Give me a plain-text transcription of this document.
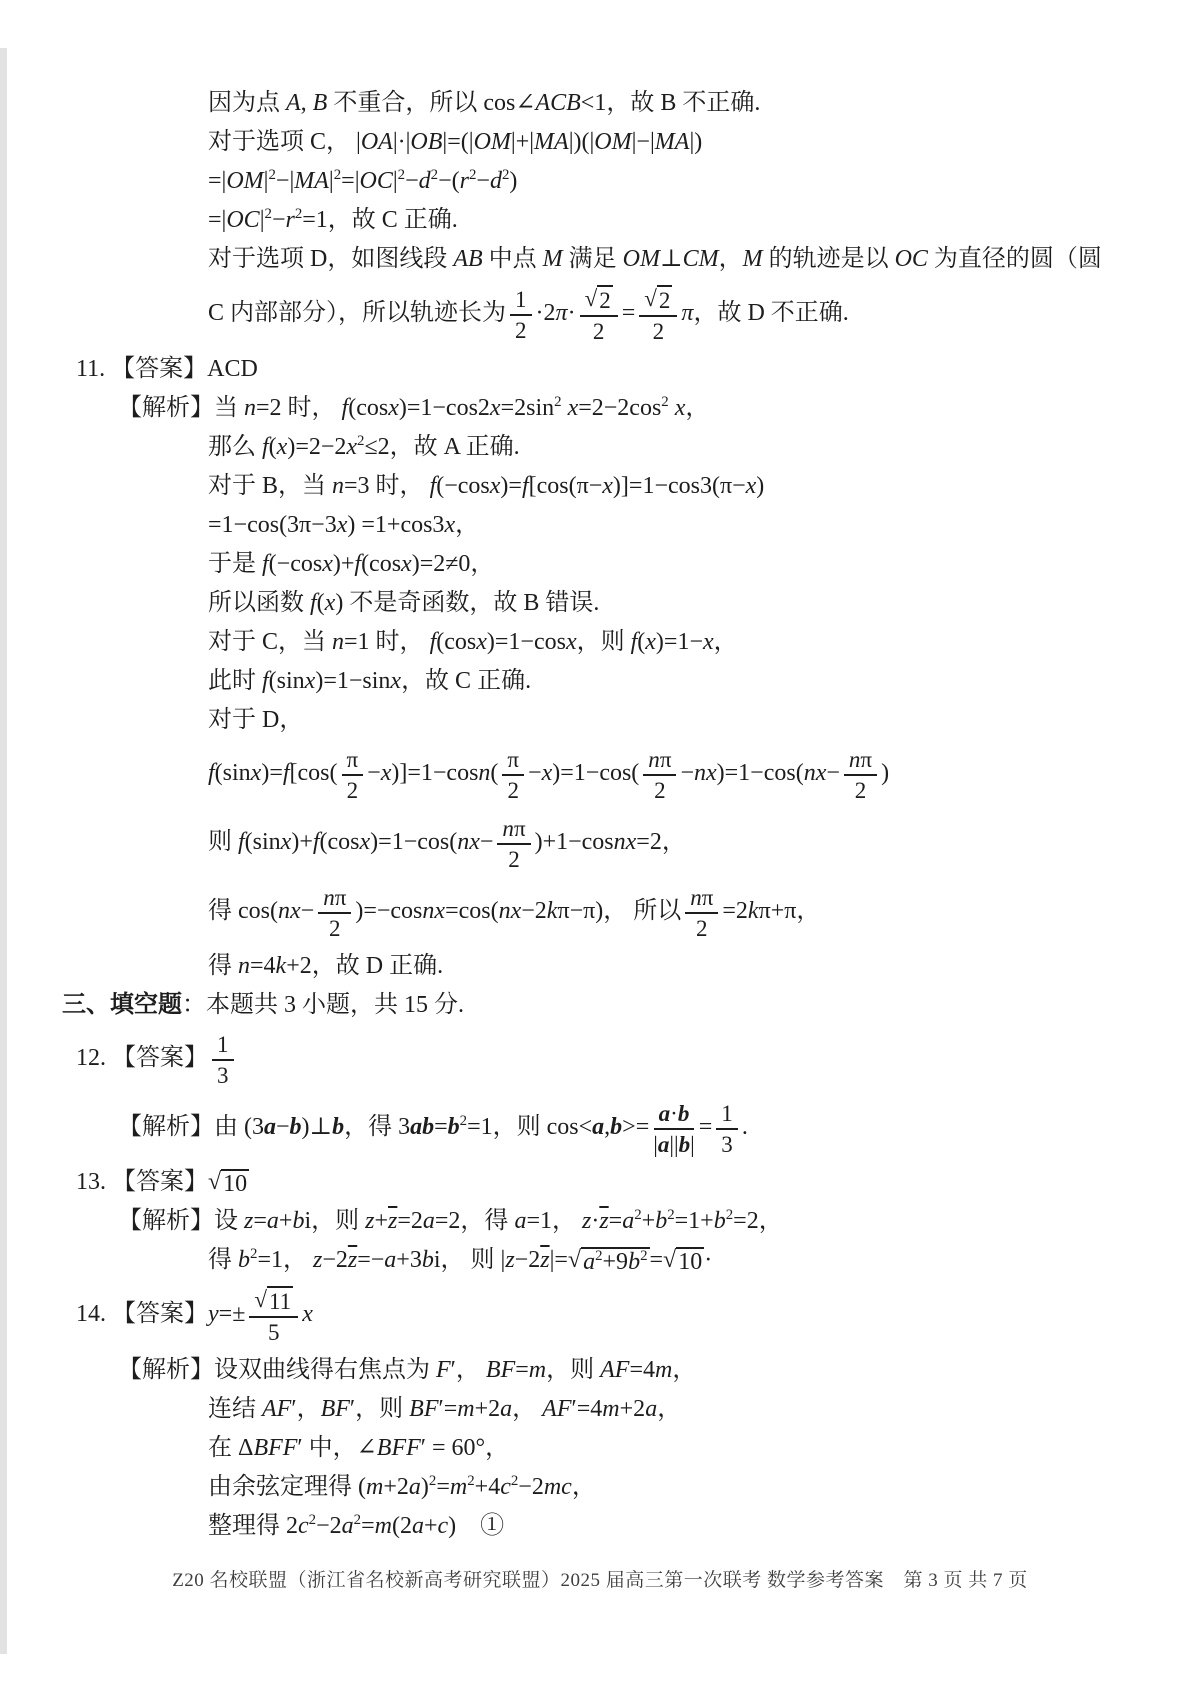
因为点 A, B 不重合，所以 cos∠ACB<1，故 B 不正确.
对于选项 C， |OA|·|OB|=(|OM|+|MA|)(|OM|−|MA|)
$=|OM|^2-|MA|^2=|OC|^2-d^2-(r^2-d^2)$
$=|OC|^2-r^2=1$，故 C 正确.
对于选项 D，如图线段 AB 中点 M 满足 OM⊥CM，M 的轨迹是以 OC 为直径的圆（圆
C 内部部分），所以轨迹长为 $\frac{1}{2} \cdot 2\pi\cdot \frac{√ 2}{2} = \frac{√ 2}{2}$ π，故 D 不正确.
11. 【答案】ACD
【解析】当 n=2 时， $f(\cos x)=1-\cos 2x=2\sin^2$ $x=2-2\cos^2$ x，
那么 $f(x)=2-2x^2\le 2$，故 A 正确.
对于 B，当 n=3 时， f(−cosx)=f[cos(π−x)]=1−cos3(π−x)
=1−cos(3π−3x) =1+cos3x，
于是 f(−cosx)+f(cosx)=2≠0，
所以函数 f(x) 不是奇函数，故 B 错误.
对于 C，当 n=1 时， f(cosx)=1−cosx，则 f(x)=1−x，
此时 f(sinx)=1−sinx，故 C 正确.
对于 D，
$f(\sin x)=f[\cos( \frac{\pi}{2} -x)]=1-\cos n( \frac{\pi}{2} -x)=1-\cos( \frac{n\pi}{2} -nx)=1-\cos(nx- \frac{n\pi}{2}$ )
则 $f(\sin x)+f(\cos x)=1-\cos(nx- \frac{n\pi}{2}$ )+1−cosnx=2，
得 $\cos(nx- \frac{n\pi}{2}$ )=−cosnx=cos(nx−2kπ−π)， 所以 $\frac{n\pi}{2} =2k\pi+\pi$，
得 n=4k+2，故 D 正确.
三、填空题：本题共 3 小题，共 15 分.
12. 【答案】 $\frac{1}{3}$
【解析】由 (3a−b)⊥b，得 $3ab=b^2=1$，则 $\cos<a,b>= \frac{a\cdot b}{|a||b|} = \frac{1}{3}$ .
13. 【答案】 √ 10
【解析】设 z=a+bi，则 $z+\overline{z}=2a=2$，得 a=1， $z\cdot\overline{z}=a^2+b^2=1+b^2=2$，
得 $b^2=1$， $z-2\overline{z}=-a+3bi$， 则 $|z-2\overline{z}|=$ √ $a^2+9b^2$ = √ 10 ·
14. 【答案】$y=\pm \frac{√ 11}{5}$ x
【解析】设双曲线得右焦点为 F′， BF=m，则 AF=4m，
连结 AF′，BF′，则 BF′=m+2a， AF′=4m+2a，
在 ΔBFF′ 中，∠BFF′ = 60°，
由余弦定理得 $(m+2a)^2=m^2+4c^2-2mc$，
整理得 $2c^2-2a^2=m(2a+c)$　①
Z20 名校联盟（浙江省名校新高考研究联盟）2025 届高三第一次联考 数学参考答案　第 3 页 共 7 页
